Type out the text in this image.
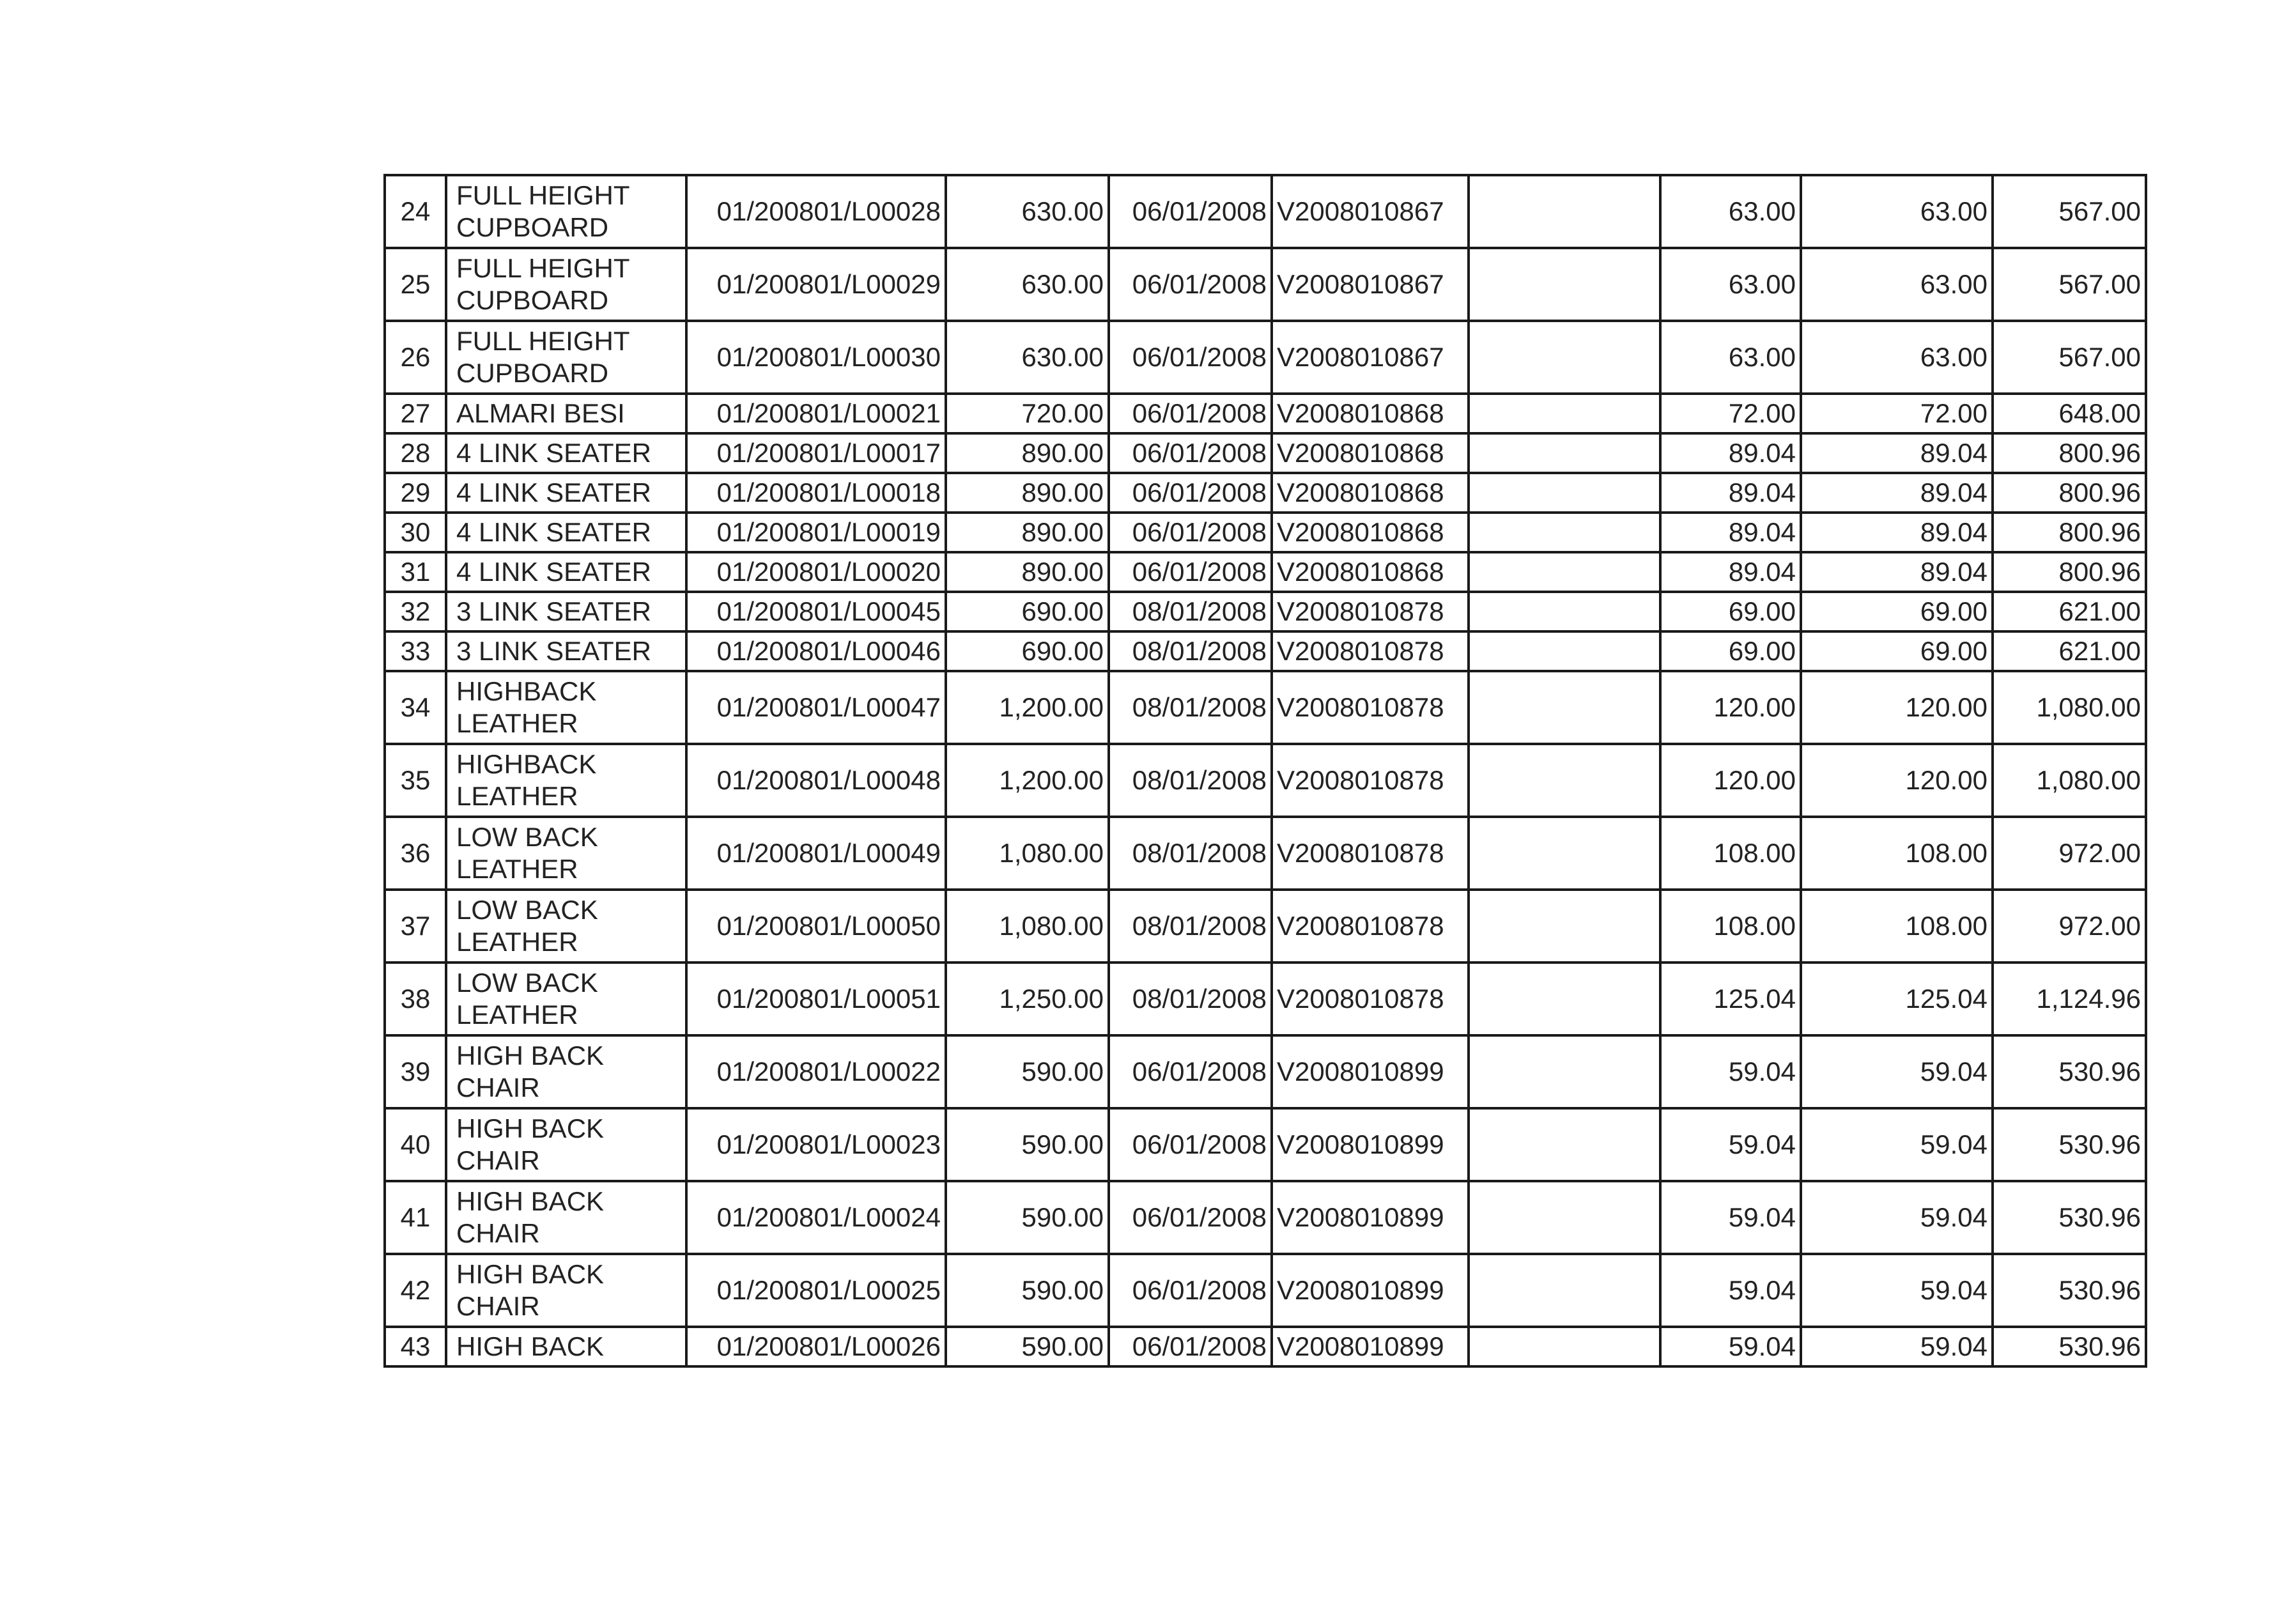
24	FULL HEIGHT CUPBOARD	01/200801/L00028	630.00	06/01/2008	V2008010867		63.00	63.00	567.00
25	FULL HEIGHT CUPBOARD	01/200801/L00029	630.00	06/01/2008	V2008010867		63.00	63.00	567.00
26	FULL HEIGHT CUPBOARD	01/200801/L00030	630.00	06/01/2008	V2008010867		63.00	63.00	567.00
27	ALMARI BESI	01/200801/L00021	720.00	06/01/2008	V2008010868		72.00	72.00	648.00
28	4 LINK SEATER	01/200801/L00017	890.00	06/01/2008	V2008010868		89.04	89.04	800.96
29	4 LINK SEATER	01/200801/L00018	890.00	06/01/2008	V2008010868		89.04	89.04	800.96
30	4 LINK SEATER	01/200801/L00019	890.00	06/01/2008	V2008010868		89.04	89.04	800.96
31	4 LINK SEATER	01/200801/L00020	890.00	06/01/2008	V2008010868		89.04	89.04	800.96
32	3 LINK SEATER	01/200801/L00045	690.00	08/01/2008	V2008010878		69.00	69.00	621.00
33	3 LINK SEATER	01/200801/L00046	690.00	08/01/2008	V2008010878		69.00	69.00	621.00
34	HIGHBACK LEATHER	01/200801/L00047	1,200.00	08/01/2008	V2008010878		120.00	120.00	1,080.00
35	HIGHBACK LEATHER	01/200801/L00048	1,200.00	08/01/2008	V2008010878		120.00	120.00	1,080.00
36	LOW BACK LEATHER	01/200801/L00049	1,080.00	08/01/2008	V2008010878		108.00	108.00	972.00
37	LOW BACK LEATHER	01/200801/L00050	1,080.00	08/01/2008	V2008010878		108.00	108.00	972.00
38	LOW BACK LEATHER	01/200801/L00051	1,250.00	08/01/2008	V2008010878		125.04	125.04	1,124.96
39	HIGH BACK CHAIR	01/200801/L00022	590.00	06/01/2008	V2008010899		59.04	59.04	530.96
40	HIGH BACK CHAIR	01/200801/L00023	590.00	06/01/2008	V2008010899		59.04	59.04	530.96
41	HIGH BACK CHAIR	01/200801/L00024	590.00	06/01/2008	V2008010899		59.04	59.04	530.96
42	HIGH BACK CHAIR	01/200801/L00025	590.00	06/01/2008	V2008010899		59.04	59.04	530.96
43	HIGH BACK	01/200801/L00026	590.00	06/01/2008	V2008010899		59.04	59.04	530.96
